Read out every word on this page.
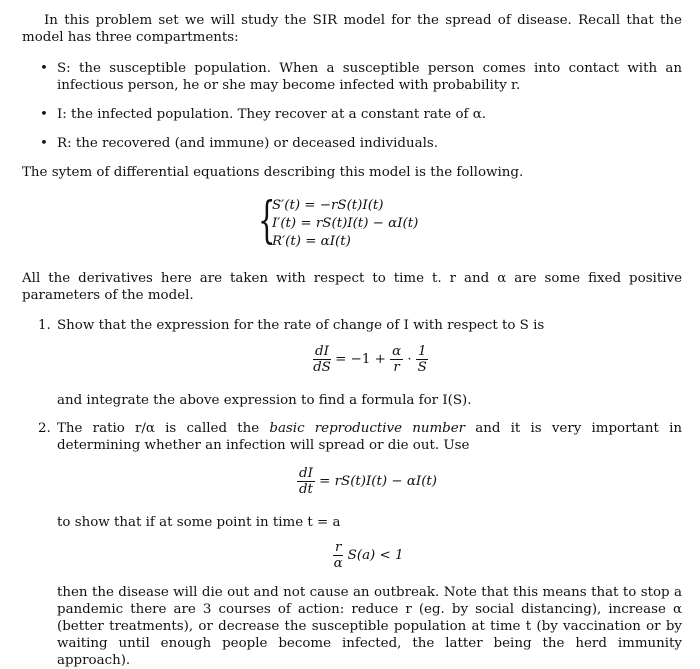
In this problem set we will study the SIR model for the spread of disease. Recall that the model has three compartments:
• S: the susceptible population. When a susceptible person comes into contact with an infectious person, he or she may become infected with probability r.
• I: the infected population. They recover at a constant rate of α.
• R: the recovered (and immune) or deceased individuals.
The sytem of differential equations describing this model is the following.
{
S′(t) = −rS(t)I(t)
I′(t) = rS(t)I(t) − αI(t)
R′(t) = αI(t)
All the derivatives here are taken with respect to time t. r and α are some fixed positive parameters of the model.
1. Show that the expression for the rate of change of I with respect to S is
$\frac{dI}{dS} = -1 + \frac{\alpha}{r} \cdot \frac{1}{S}$
and integrate the above expression to find a formula for I(S).
2. The ratio r/α is called the basic reproductive number and it is very important in determining whether an infection will spread or die out. Use
$\frac{dI}{dt} = rS(t)I(t) - \alpha I(t)$
to show that if at some point in time t = a
$\frac{r}{\alpha} S(a) < 1$
then the disease will die out and not cause an outbreak. Note that this means that to stop a pandemic there are 3 courses of action: reduce r (eg. by social distancing), increase α (better treatments), or decrease the susceptible population at time t (by vaccination or by waiting until enough people become infected, the latter being the herd immunity approach).
